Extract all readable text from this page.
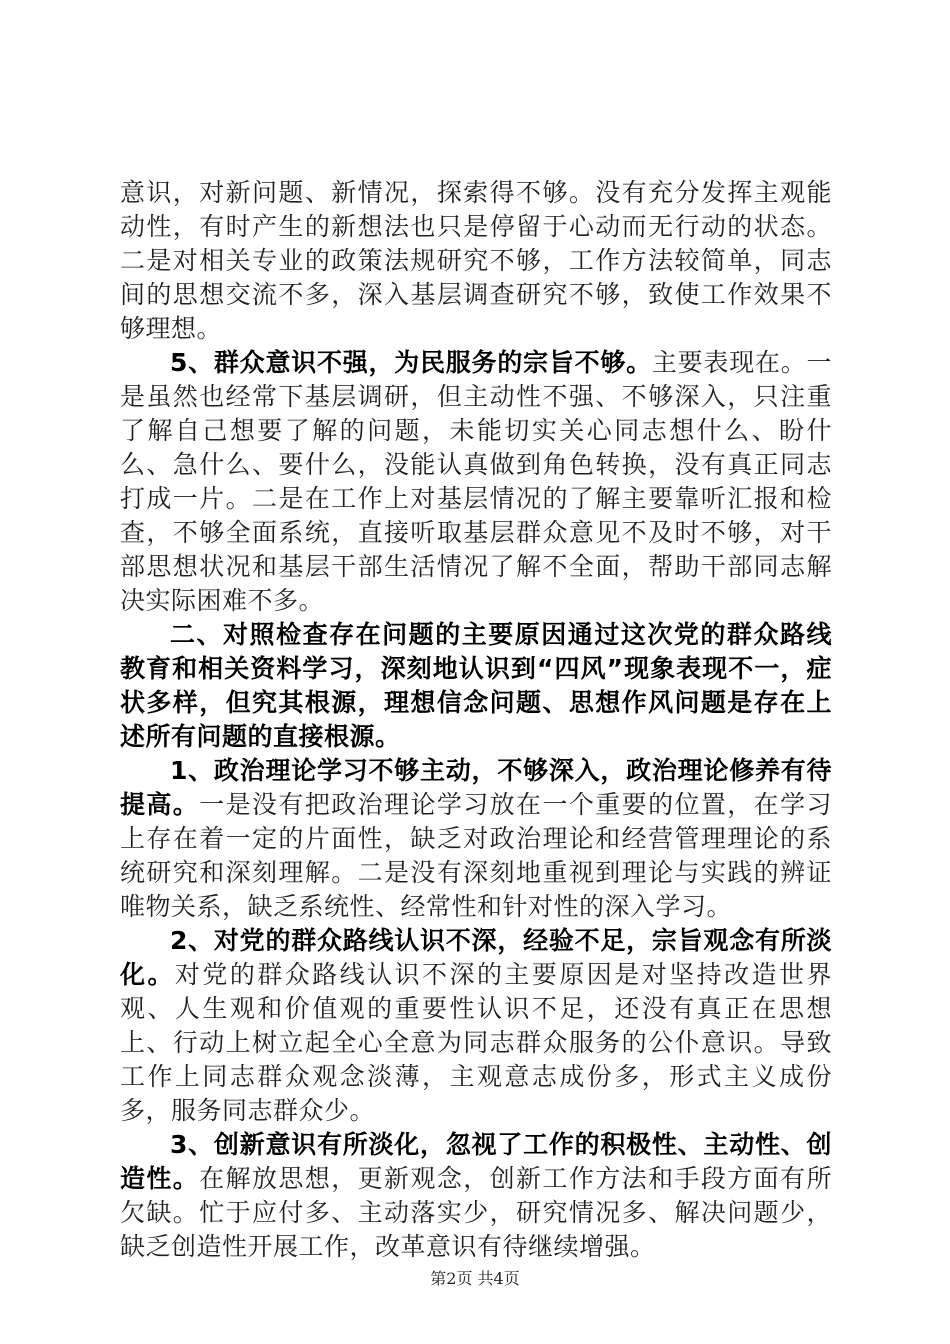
意识，对新问题、新情况，探索得不够。没有充分发挥主观能动性，有时产生的新想法也只是停留于心动而无行动的状态。二是对相关专业的政策法规研究不够，工作方法较简单，同志间的思想交流不多，深入基层调查研究不够，致使工作效果不够理想。

5、群众意识不强，为民服务的宗旨不够。主要表现在。一是虽然也经常下基层调研，但主动性不强、不够深入，只注重了解自己想要了解的问题，未能切实关心同志想什么、盼什么、急什么、要什么，没能认真做到角色转换，没有真正同志打成一片。二是在工作上对基层情况的了解主要靠听汇报和检查，不够全面系统，直接听取基层群众意见不及时不够，对干部思想状况和基层干部生活情况了解不全面，帮助干部同志解决实际困难不多。

二、对照检查存在问题的主要原因通过这次党的群众路线教育和相关资料学习，深刻地认识到“四风”现象表现不一，症状多样，但究其根源，理想信念问题、思想作风问题是存在上述所有问题的直接根源。

1、政治理论学习不够主动，不够深入，政治理论修养有待提高。一是没有把政治理论学习放在一个重要的位置，在学习上存在着一定的片面性，缺乏对政治理论和经营管理理论的系统研究和深刻理解。二是没有深刻地重视到理论与实践的辨证唯物关系，缺乏系统性、经常性和针对性的深入学习。

2、对党的群众路线认识不深，经验不足，宗旨观念有所淡化。对党的群众路线认识不深的主要原因是对坚持改造世界观、人生观和价值观的重要性认识不足，还没有真正在思想上、行动上树立起全心全意为同志群众服务的公仆意识。导致工作上同志群众观念淡薄，主观意志成份多，形式主义成份多，服务同志群众少。

3、创新意识有所淡化，忽视了工作的积极性、主动性、创造性。在解放思想，更新观念，创新工作方法和手段方面有所欠缺。忙于应付多、主动落实少，研究情况多、解决问题少，缺乏创造性开展工作，改革意识有待继续增强。

第2页 共4页
